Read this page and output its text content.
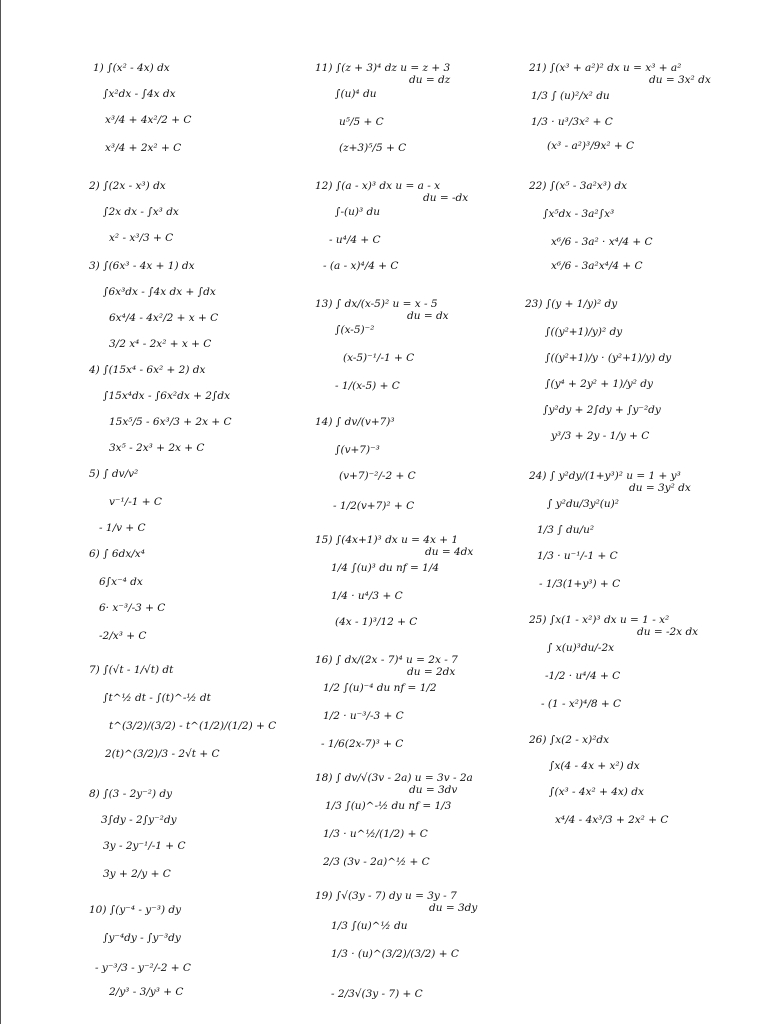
1) ∫(x² - 4x) dx
∫x²dx - ∫4x dx
x³/4 + 4x²/2 + C
x³/4 + 2x² + C
2) ∫(2x - x³) dx
∫2x dx - ∫x³ dx
x² - x³/3 + C
3) ∫(6x³ - 4x + 1) dx
∫6x³dx - ∫4x dx + ∫dx
6x⁴/4 - 4x²/2 + x + C
3/2 x⁴ - 2x² + x + C
4) ∫(15x⁴ - 6x² + 2) dx
∫15x⁴dx - ∫6x²dx + 2∫dx
15x⁵/5 - 6x³/3 + 2x + C
3x⁵ - 2x³ + 2x + C
5) ∫ dv/v²
v⁻¹/-1 + C
- 1/v + C
6) ∫ 6dx/x⁴
6∫x⁻⁴ dx
6· x⁻³/-3 + C
-2/x³ + C
7) ∫(√t - 1/√t) dt
∫t^½ dt - ∫(t)^-½ dt
t^(3/2)/(3/2) - t^(1/2)/(1/2) + C
2(t)^(3/2)/3 - 2√t + C
8) ∫(3 - 2y⁻²) dy
3∫dy - 2∫y⁻²dy
3y - 2y⁻¹/-1 + C
3y + 2/y + C
10) ∫(y⁻⁴ - y⁻³) dy
∫y⁻⁴dy - ∫y⁻³dy
- y⁻³/3 - y⁻²/-2 + C
2/y³ - 3/y³ + C
11) ∫(z + 3)⁴ dz u = z + 3
du = dz
∫(u)⁴ du
u⁵/5 + C
(z+3)⁵/5 + C
12) ∫(a - x)³ dx u = a - x
du = -dx
∫-(u)³ du
- u⁴/4 + C
- (a - x)⁴/4 + C
13) ∫ dx/(x-5)² u = x - 5
du = dx
∫(x-5)⁻²
(x-5)⁻¹/-1 + C
- 1/(x-5) + C
14) ∫ dv/(v+7)³
∫(v+7)⁻³
(v+7)⁻²/-2 + C
- 1/2(v+7)² + C
15) ∫(4x+1)³ dx u = 4x + 1
du = 4dx
1/4 ∫(u)³ du nf = 1/4
1/4 · u⁴/3 + C
(4x - 1)³/12 + C
16) ∫ dx/(2x - 7)⁴ u = 2x - 7
du = 2dx
1/2 ∫(u)⁻⁴ du nf = 1/2
1/2 · u⁻³/-3 + C
- 1/6(2x-7)³ + C
18) ∫ dv/√(3v - 2a) u = 3v - 2a
du = 3dv
1/3 ∫(u)^-½ du nf = 1/3
1/3 · u^½/(1/2) + C
2/3 (3v - 2a)^½ + C
19) ∫√(3y - 7) dy u = 3y - 7
du = 3dy
1/3 ∫(u)^½ du
1/3 · (u)^(3/2)/(3/2) + C
- 2/3√(3y - 7) + C
21) ∫(x³ + a²)² dx u = x³ + a²
du = 3x² dx
1/3 ∫ (u)²/x² du
1/3 · u³/3x² + C
(x³ - a²)³/9x² + C
22) ∫(x⁵ - 3a²x³) dx
∫x⁵dx - 3a²∫x³
x⁶/6 - 3a² · x⁴/4 + C
x⁶/6 - 3a²x⁴/4 + C
23) ∫(y + 1/y)² dy
∫((y²+1)/y)² dy
∫((y²+1)/y · (y²+1)/y) dy
∫(y⁴ + 2y² + 1)/y² dy
∫y²dy + 2∫dy + ∫y⁻²dy
y³/3 + 2y - 1/y + C
24) ∫ y²dy/(1+y³)² u = 1 + y³
du = 3y² dx
∫ y²du/3y²(u)²
1/3 ∫ du/u²
1/3 · u⁻¹/-1 + C
- 1/3(1+y³) + C
25) ∫x(1 - x²)³ dx u = 1 - x²
du = -2x dx
∫ x(u)³du/-2x
-1/2 · u⁴/4 + C
- (1 - x²)⁴/8 + C
26) ∫x(2 - x)²dx
∫x(4 - 4x + x²) dx
∫(x³ - 4x² + 4x) dx
x⁴/4 - 4x³/3 + 2x² + C
